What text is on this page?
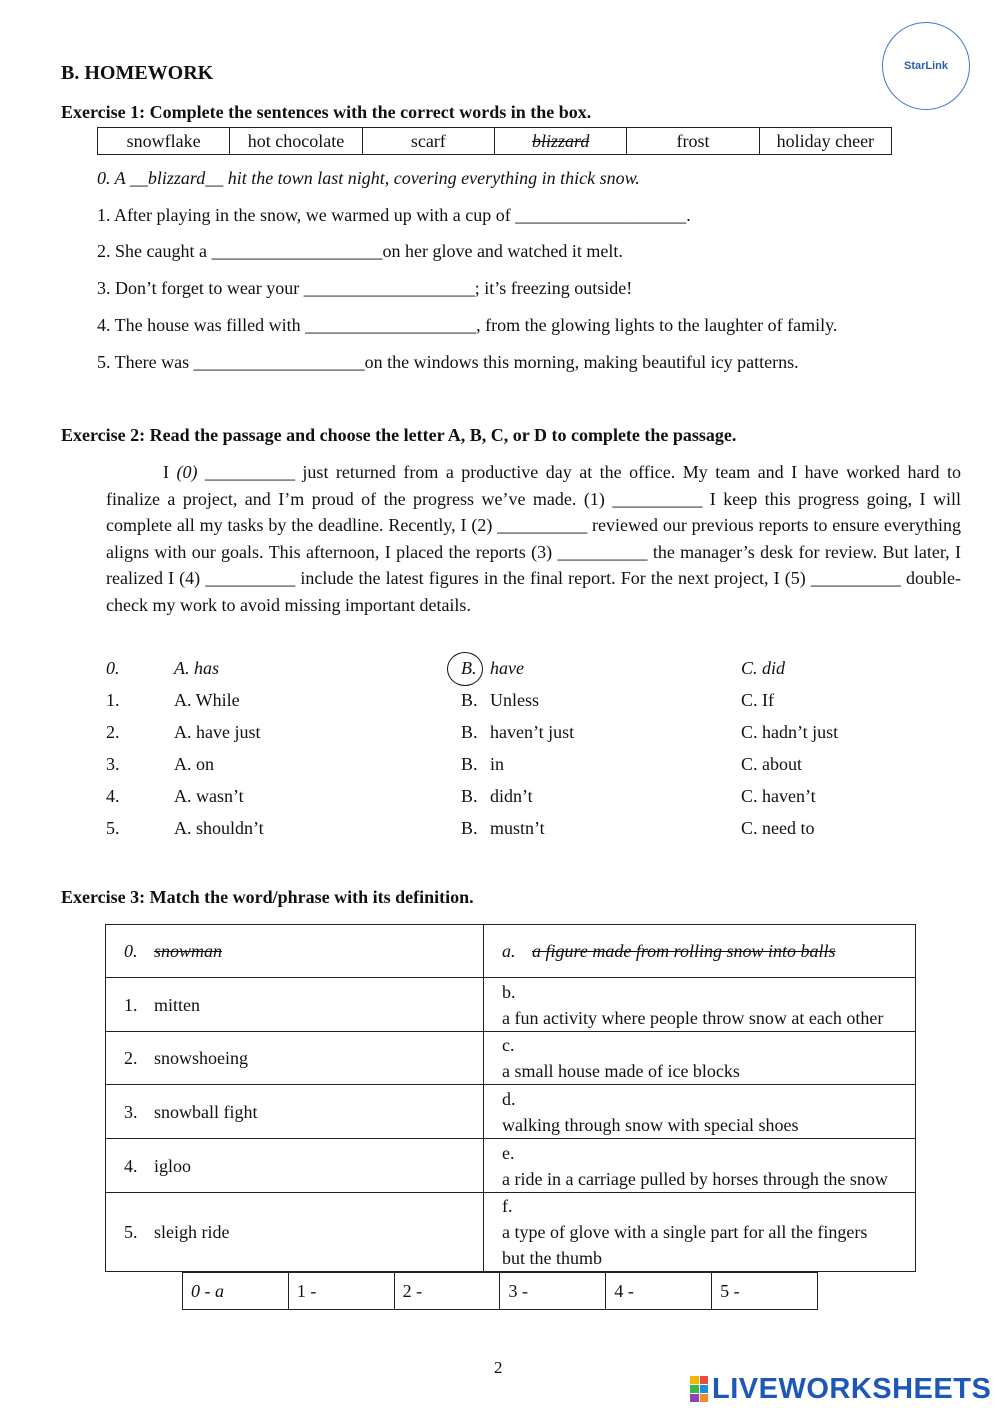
StarLink
B. HOMEWORK
Exercise 1: Complete the sentences with the correct words in the box.
snowflake	hot chocolate	scarf	blizzard	frost	holiday cheer
0. A __blizzard__ hit the town last night, covering everything in thick snow.
1. After playing in the snow, we warmed up with a cup of ___________________.
2. She caught a ___________________on her glove and watched it melt.
3. Don’t forget to wear your ___________________; it’s freezing outside!
4. The house was filled with ___________________, from the glowing lights to the laughter of family.
5. There was ___________________on the windows this morning, making beautiful icy patterns.
Exercise 2: Read the passage and choose the letter A, B, C, or D to complete the passage.
I (0) __________ just returned from a productive day at the office. My team and I have worked hard to finalize a project, and I’m proud of the progress we’ve made. (1) __________ I keep this progress going, I will complete all my tasks by the deadline. Recently, I (2) __________ reviewed our previous reports to ensure everything aligns with our goals. This afternoon, I placed the reports (3) __________ the manager’s desk for review. But later, I realized I (4) __________ include the latest figures in the final report. For the next project, I (5) __________ double-check my work to avoid missing important details.
0.	A. has	B. have	C. did
1.	A. While	B. Unless	C. If
2.	A. have just	B. haven’t just	C. hadn’t just
3.	A. on	B. in	C. about
4.	A. wasn’t	B. didn’t	C. haven’t
5.	A. shouldn’t	B. mustn’t	C. need to
Exercise 3: Match the word/phrase with its definition.
0. snowman	a. a figure made from rolling snow into balls
1. mitten	b.a fun activity where people throw snow at each other
2. snowshoeing	c.a small house made of ice blocks
3. snowball fight	d.walking through snow with special shoes
4. igloo	e.a ride in a carriage pulled by horses through the snow
5. sleigh ride	f.a type of glove with a single part for all the fingers but the thumb
0 - a	1 -	2 -	3 -	4 -	5 -
2
LIVEWORKSHEETS
